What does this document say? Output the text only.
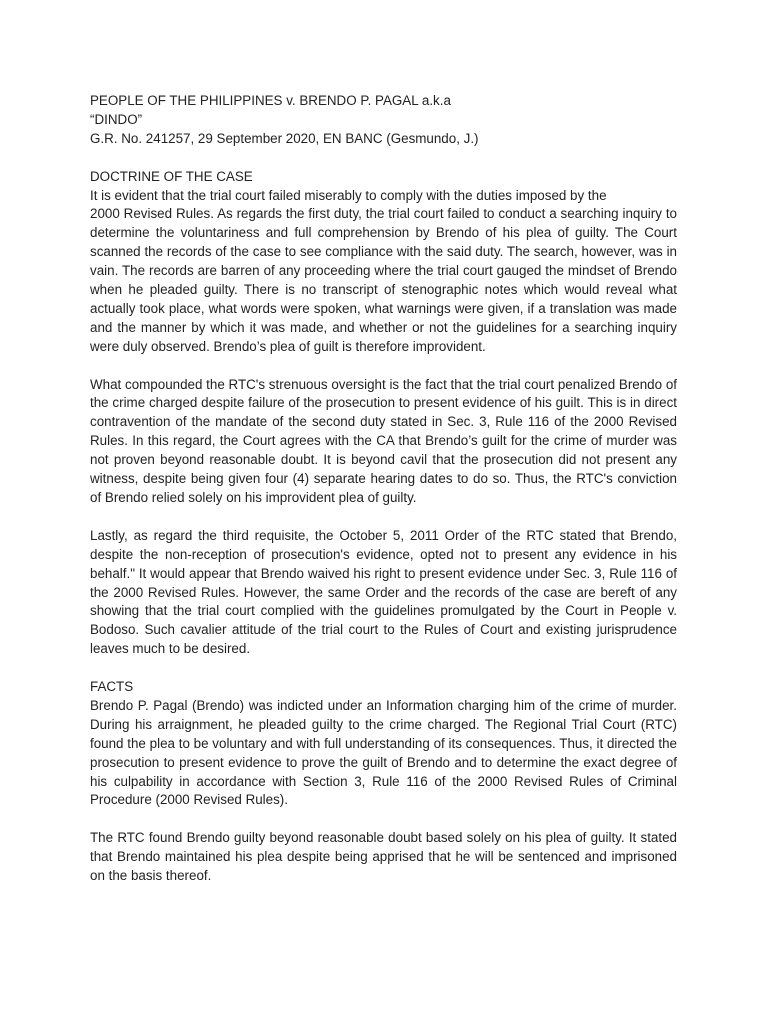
PEOPLE OF THE PHILIPPINES v. BRENDO P. PAGAL a.k.a
“DINDO”
G.R. No. 241257, 29 September 2020, EN BANC (Gesmundo, J.)
DOCTRINE OF THE CASE
It is evident that the trial court failed miserably to comply with the duties imposed by the

2000 Revised Rules. As regards the first duty, the trial court failed to conduct a searching inquiry to determine the voluntariness and full comprehension by Brendo of his plea of guilty. The Court scanned the records of the case to see compliance with the said duty. The search, however, was in vain. The records are barren of any proceeding where the trial court gauged the mindset of Brendo when he pleaded guilty. There is no transcript of stenographic notes which would reveal what actually took place, what words were spoken, what warnings were given, if a translation was made and the manner by which it was made, and whether or not the guidelines for a searching inquiry were duly observed. Brendo’s plea of guilt is therefore improvident.

What compounded the RTC's strenuous oversight is the fact that the trial court penalized Brendo of the crime charged despite failure of the prosecution to present evidence of his guilt. This is in direct contravention of the mandate of the second duty stated in Sec. 3, Rule 116 of the 2000 Revised Rules. In this regard, the Court agrees with the CA that Brendo’s guilt for the crime of murder was not proven beyond reasonable doubt. It is beyond cavil that the prosecution did not present any witness, despite being given four (4) separate hearing dates to do so. Thus, the RTC's conviction of Brendo relied solely on his improvident plea of guilty.

Lastly, as regard the third requisite, the October 5, 2011 Order of the RTC stated that Brendo, despite the non-reception of prosecution's evidence, opted not to present any evidence in his behalf." It would appear that Brendo waived his right to present evidence under Sec. 3, Rule 116 of the 2000 Revised Rules. However, the same Order and the records of the case are bereft of any showing that the trial court complied with the guidelines promulgated by the Court in People v. Bodoso. Such cavalier attitude of the trial court to the Rules of Court and existing jurisprudence leaves much to be desired.

FACTS

Brendo P. Pagal (Brendo) was indicted under an Information charging him of the crime of murder. During his arraignment, he pleaded guilty to the crime charged. The Regional Trial Court (RTC) found the plea to be voluntary and with full understanding of its consequences. Thus, it directed the prosecution to present evidence to prove the guilt of Brendo and to determine the exact degree of his culpability in accordance with Section 3, Rule 116 of the 2000 Revised Rules of Criminal Procedure (2000 Revised Rules).

The RTC found Brendo guilty beyond reasonable doubt based solely on his plea of guilty. It stated that Brendo maintained his plea despite being apprised that he will be sentenced and imprisoned on the basis thereof.
